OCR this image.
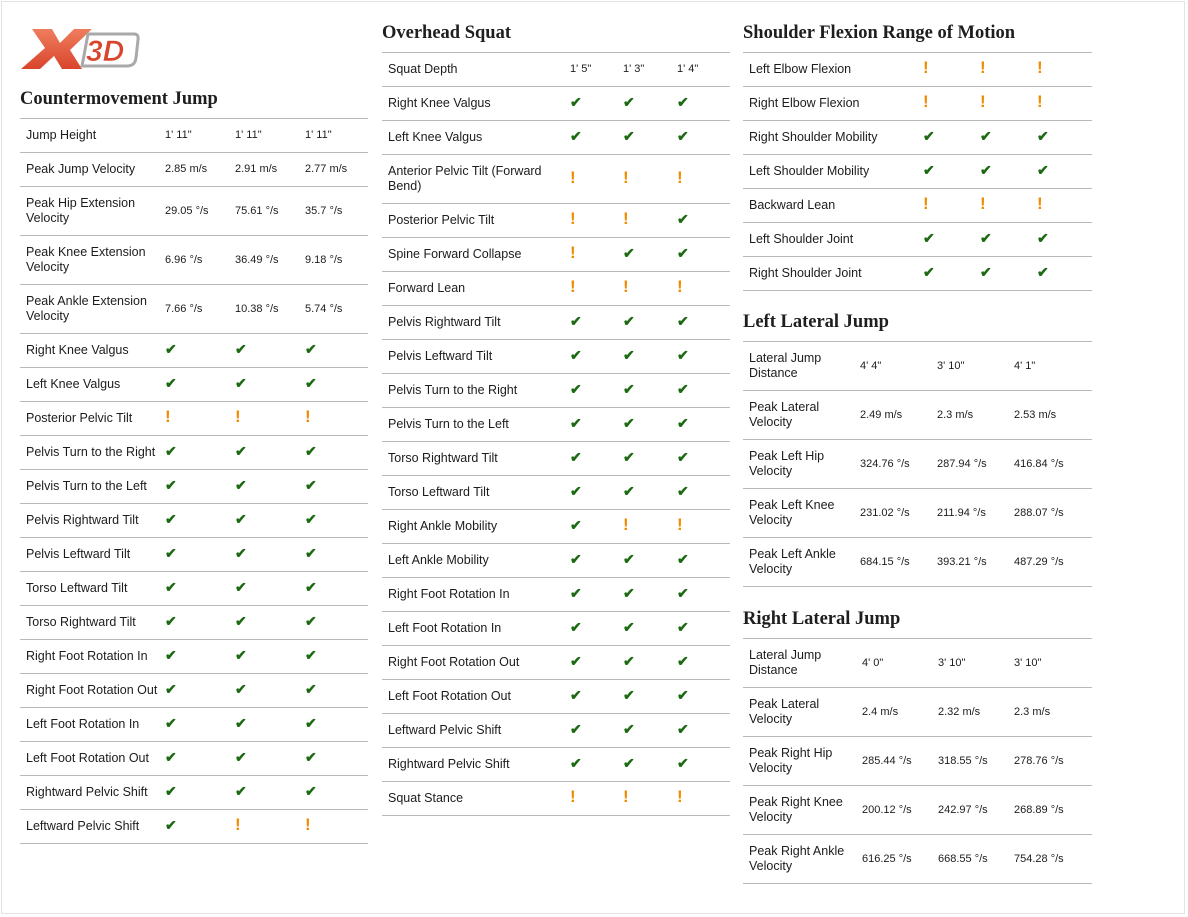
3D
Countermovement Jump
Jump Height	1' 11"	1' 11"	1' 11"
Peak Jump Velocity	2.85 m/s	2.91 m/s	2.77 m/s
Peak Hip Extension Velocity	29.05 °/s	75.61 °/s	35.7 °/s
Peak Knee Extension Velocity	6.96 °/s	36.49 °/s	9.18 °/s
Peak Ankle Extension Velocity	7.66 °/s	10.38 °/s	5.74 °/s
Right Knee Valgus	✔	✔	✔
Left Knee Valgus	✔	✔	✔
Posterior Pelvic Tilt	!	!	!
Pelvis Turn to the Right	✔	✔	✔
Pelvis Turn to the Left	✔	✔	✔
Pelvis Rightward Tilt	✔	✔	✔
Pelvis Leftward Tilt	✔	✔	✔
Torso Leftward Tilt	✔	✔	✔
Torso Rightward Tilt	✔	✔	✔
Right Foot Rotation In	✔	✔	✔
Right Foot Rotation Out	✔	✔	✔
Left Foot Rotation In	✔	✔	✔
Left Foot Rotation Out	✔	✔	✔
Rightward Pelvic Shift	✔	✔	✔
Leftward Pelvic Shift	✔	!	!
Overhead Squat
Squat Depth	1' 5"	1' 3"	1' 4"
Right Knee Valgus	✔	✔	✔
Left Knee Valgus	✔	✔	✔
Anterior Pelvic Tilt (Forward Bend)	!	!	!
Posterior Pelvic Tilt	!	!	✔
Spine Forward Collapse	!	✔	✔
Forward Lean	!	!	!
Pelvis Rightward Tilt	✔	✔	✔
Pelvis Leftward Tilt	✔	✔	✔
Pelvis Turn to the Right	✔	✔	✔
Pelvis Turn to the Left	✔	✔	✔
Torso Rightward Tilt	✔	✔	✔
Torso Leftward Tilt	✔	✔	✔
Right Ankle Mobility	✔	!	!
Left Ankle Mobility	✔	✔	✔
Right Foot Rotation In	✔	✔	✔
Left Foot Rotation In	✔	✔	✔
Right Foot Rotation Out	✔	✔	✔
Left Foot Rotation Out	✔	✔	✔
Leftward Pelvic Shift	✔	✔	✔
Rightward Pelvic Shift	✔	✔	✔
Squat Stance	!	!	!
Shoulder Flexion Range of Motion
Left Elbow Flexion	!	!	!
Right Elbow Flexion	!	!	!
Right Shoulder Mobility	✔	✔	✔
Left Shoulder Mobility	✔	✔	✔
Backward Lean	!	!	!
Left Shoulder Joint	✔	✔	✔
Right Shoulder Joint	✔	✔	✔
Left Lateral Jump
Lateral Jump Distance	4' 4"	3' 10"	4' 1"
Peak Lateral Velocity	2.49 m/s	2.3 m/s	2.53 m/s
Peak Left Hip Velocity	324.76 °/s	287.94 °/s	416.84 °/s
Peak Left Knee Velocity	231.02 °/s	211.94 °/s	288.07 °/s
Peak Left Ankle Velocity	684.15 °/s	393.21 °/s	487.29 °/s
Right Lateral Jump
Lateral Jump Distance	4' 0"	3' 10"	3' 10"
Peak Lateral Velocity	2.4 m/s	2.32 m/s	2.3 m/s
Peak Right Hip Velocity	285.44 °/s	318.55 °/s	278.76 °/s
Peak Right Knee Velocity	200.12 °/s	242.97 °/s	268.89 °/s
Peak Right Ankle Velocity	616.25 °/s	668.55 °/s	754.28 °/s
